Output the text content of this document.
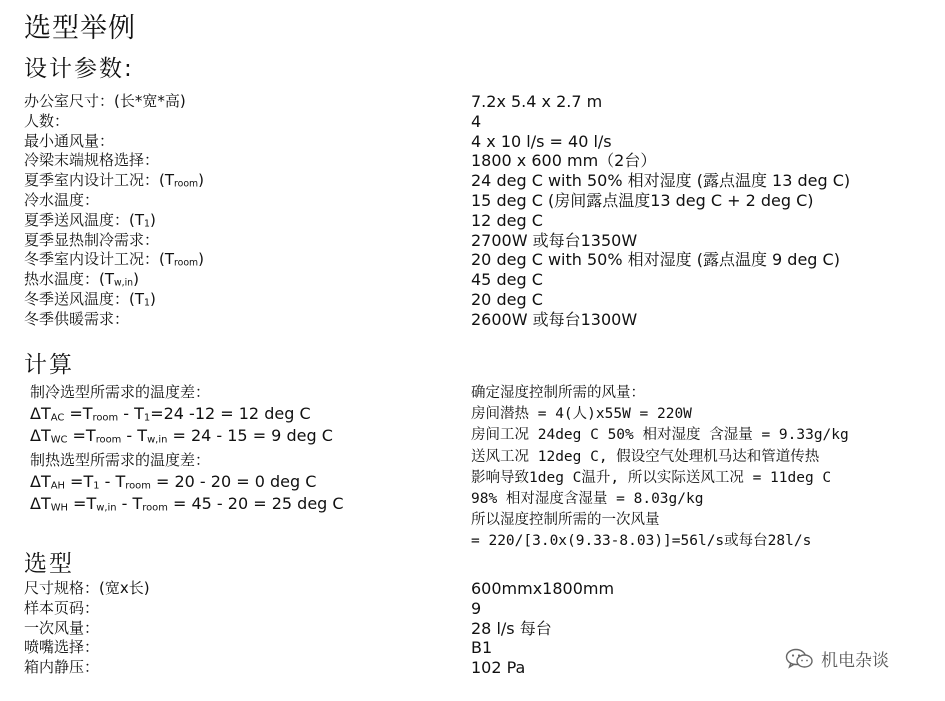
选型举例
设计参数:
办公室尺寸：(长*宽*高)
人数：
最小通风量：
冷梁末端规格选择：
夏季室内设计工况：$(T_{room})$
冷水温度：
夏季送风温度：$(T_1)$
夏季显热制冷需求：
冬季室内设计工况：$(T_{room})$
热水温度：$(T_{w,in})$
冬季送风温度：$(T_1)$
冬季供暖需求：
7.2x 5.4 x 2.7 m
4
4 x 10 l/s = 40 l/s
1800 x 600 mm（2台）
24 deg C with 50% 相对湿度 (露点温度 13 deg C)
15 deg C (房间露点温度13 deg C + 2 deg C)
12 deg C
2700W 或每台1350W
20 deg C with 50% 相对湿度 (露点温度 9 deg C)
45 deg C
20 deg C
2600W 或每台1300W
计算
制冷选型所需求的温度差：
$\Delta T_{AC} =T_{room} - T_1=24$ -12 = 12 deg C
$\Delta T_{WC} =T_{room} - T_{w,in} = 24 - 15 = 9$ deg C
制热选型所需求的温度差：
$\Delta T_{AH} =T_1 - T_{room} = 20 - 20 = 0$ deg C
$\Delta T_{WH} =T_{w,in} - T_{room} = 45 - 20 = 25$ deg C
确定湿度控制所需的风量：
房间潜热 = 4(人)x55W = 220W
房间工况 24deg C 50% 相对湿度 含湿量 = 9.33g/kg
送风工况 12deg C, 假设空气处理机马达和管道传热
影响导致1deg C温升, 所以实际送风工况 = 11deg C
98% 相对湿度含湿量 = 8.03g/kg
所以湿度控制所需的一次风量
= 220/[3.0x(9.33-8.03)]=56l/s或每台28l/s
选型
尺寸规格：(宽x长)
样本页码：
一次风量：
喷嘴选择：
箱内静压：
600mmx1800mm
9
28 l/s 每台
B1
102 Pa	机电杂谈
